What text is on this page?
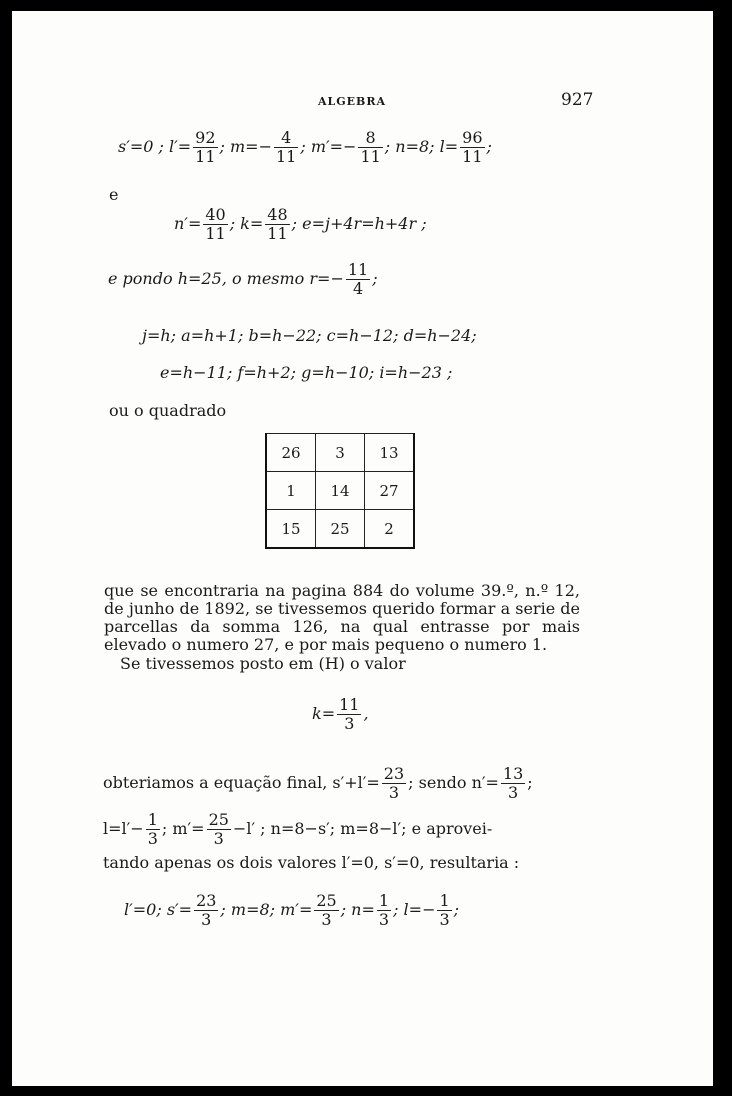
ALGEBRA	927
s′=0 ; $l'= \frac{92}{11}$ ; $m=- \frac{4}{11}$ ; $m'=- \frac{8}{11}$ ; n=8; $l= \frac{96}{11}$ ;
e
$n'= \frac{40}{11}$ ; $k= \frac{48}{11}$ ; e=j+4r=h+4r ;
e pondo h=25, o mesmo $r=- \frac{11}{4}$ ;
j=h; a=h+1; b=h−22; c=h−12; d=h−24;
e=h−11; f=h+2; g=h−10; i=h−23 ;
ou o quadrado
26	3	13
1	14	27
15	25	2
que se encontraria na pagina 884 do volume 39.º, n.º 12, de junho de 1892, se tivessemos querido formar a serie de parcellas da somma 126, na qual entrasse por mais elevado o numero 27, e por mais pequeno o numero 1.
Se tivessemos posto em (H) o valor
$k= \frac{11}{3}$ ,
obteriamos a equação final, $s'+l'= \frac{23}{3}$ ; sendo $n'= \frac{13}{3}$ ;
$l=l'- \frac{1}{3}$ ; $m'= \frac{25}{3} -l'$ ; n=8−s′; m=8−l′; e aprovei-
tando apenas os dois valores l′=0, s′=0, resultaria :
l′=0; $s'= \frac{23}{3}$ ; m=8; $m'= \frac{25}{3}$ ; $n= \frac{1}{3}$ ; $l=- \frac{1}{3}$ ;
